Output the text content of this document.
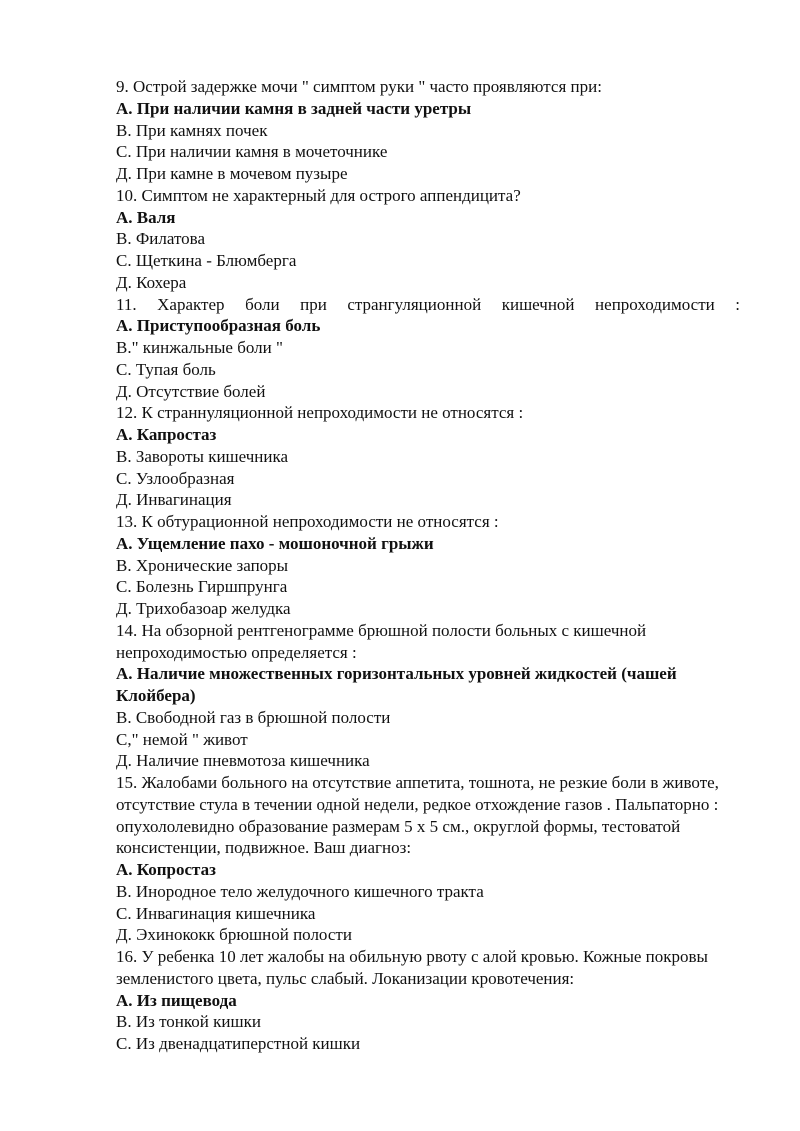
9. Острой задержке мочи " симптом руки " часто проявляются при:

А. При наличии камня в задней части уретры

В. При камнях почек

С. При наличии камня в мочеточнике

Д. При камне в мочевом пузыре

10. Симптом не характерный для острого аппендицита?

А. Валя

В. Филатова

С. Щеткина - Блюмберга

Д. Кохера

11. Характер боли при странгуляционной кишечной непроходимости :

А. Приступообразная боль

В." кинжальные боли "

С. Тупая боль

Д. Отсутствие болей

12. К страннуляционной непроходимости не относятся :

А. Капростаз

В. Завороты кишечника

С. Узлообразная

Д. Инвагинация

13. К обтурационной непроходимости не относятся :

А. Ущемление пахо - мошоночной грыжи

В. Хронические запоры

С. Болезнь Гиршпрунга

Д. Трихобазоар желудка

14. На обзорной рентгенограмме брюшной полости больных с кишечной непроходимостью определяется :

А. Наличие множественных горизонтальных уровней жидкостей (чашей Клойбера)

В. Свободной газ в брюшной полости

С," немой " живот

Д. Наличие пневмотоза кишечника

15. Жалобами больного на отсутствие аппетита, тошнота, не резкие боли в животе, отсутствие стула в течении одной недели, редкое отхождение газов . Пальпаторно : опухололевидно образование размерам 5 х 5 см., округлой формы, тестоватой консистенции, подвижное. Ваш диагноз:

А. Копростаз

В. Инородное тело желудочного кишечного тракта

С. Инвагинация кишечника

Д. Эхинококк брюшной полости

16. У ребенка 10 лет жалобы на обильную рвоту с алой кровью. Кожные покровы земленистого цвета, пульс слабый. Локанизации кровотечения:

А. Из пищевода

В. Из тонкой кишки

С. Из двенадцатиперстной кишки
